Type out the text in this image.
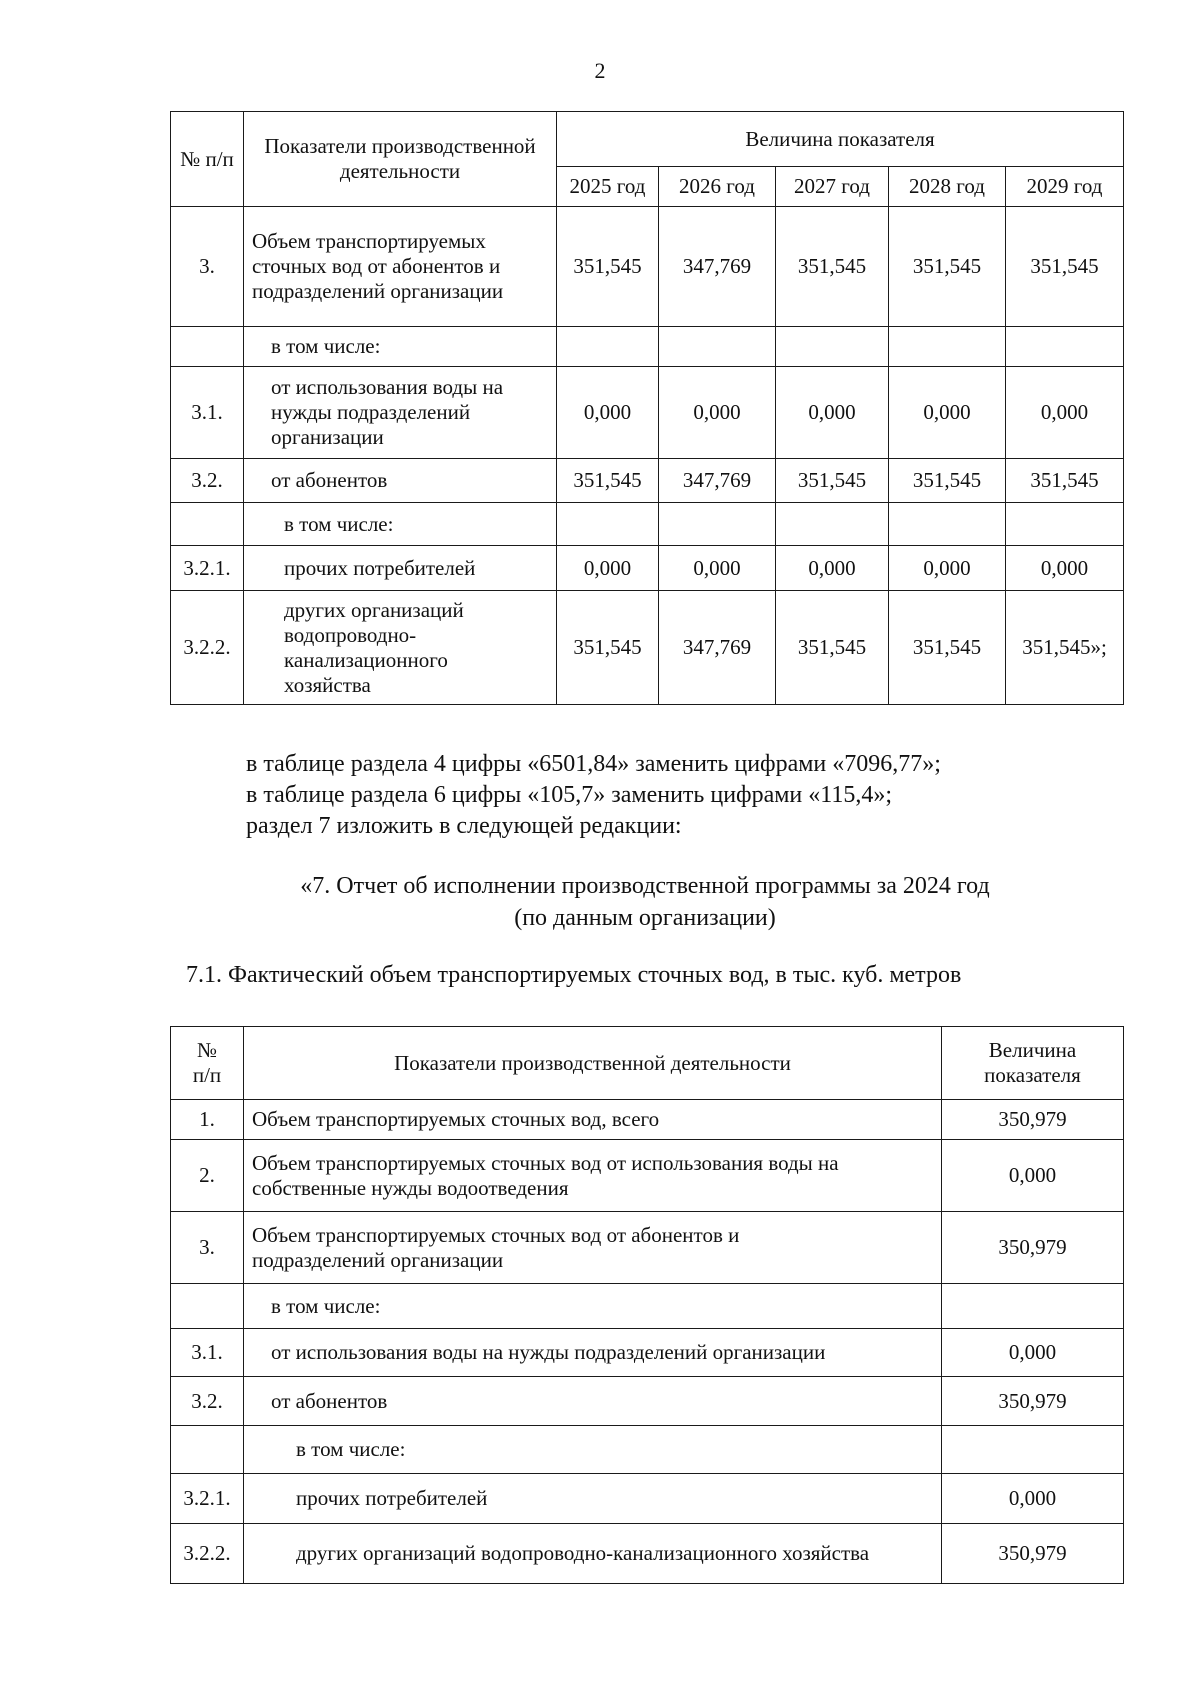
2
№ п/п	Показатели производственной деятельности	Величина показателя				
		2025 год	2026 год	2027 год	2028 год	2029 год
3.	Объем транспортируемых сточных вод от абонентов и подразделений организации	351,545	347,769	351,545	351,545	351,545
	в том числе:					
3.1.	от использования воды на нужды подразделений организации	0,000	0,000	0,000	0,000	0,000
3.2.	от абонентов	351,545	347,769	351,545	351,545	351,545
	в том числе:					
3.2.1.	прочих потребителей	0,000	0,000	0,000	0,000	0,000
3.2.2.	других организаций водопроводно-канализационного хозяйства	351,545	347,769	351,545	351,545	351,545»;
в таблице раздела 4 цифры «6501,84» заменить цифрами «7096,77»;
в таблице раздела 6 цифры «105,7» заменить цифрами «115,4»;
раздел 7 изложить в следующей редакции:
«7. Отчет об исполнении производственной программы за 2024 год
(по данным организации)
7.1. Фактический объем транспортируемых сточных вод, в тыс. куб. метров
№ п/п	Показатели производственной деятельности	Величина показателя
1.	Объем транспортируемых сточных вод, всего	350,979
2.	Объем транспортируемых сточных вод от использования воды на собственные нужды водоотведения	0,000
3.	Объем транспортируемых сточных вод от абонентов и подразделений организации	350,979
	в том числе:	
3.1.	от использования воды на нужды подразделений организации	0,000
3.2.	от абонентов	350,979
	в том числе:	
3.2.1.	прочих потребителей	0,000
3.2.2.	других организаций водопроводно-канализационного хозяйства	350,979
